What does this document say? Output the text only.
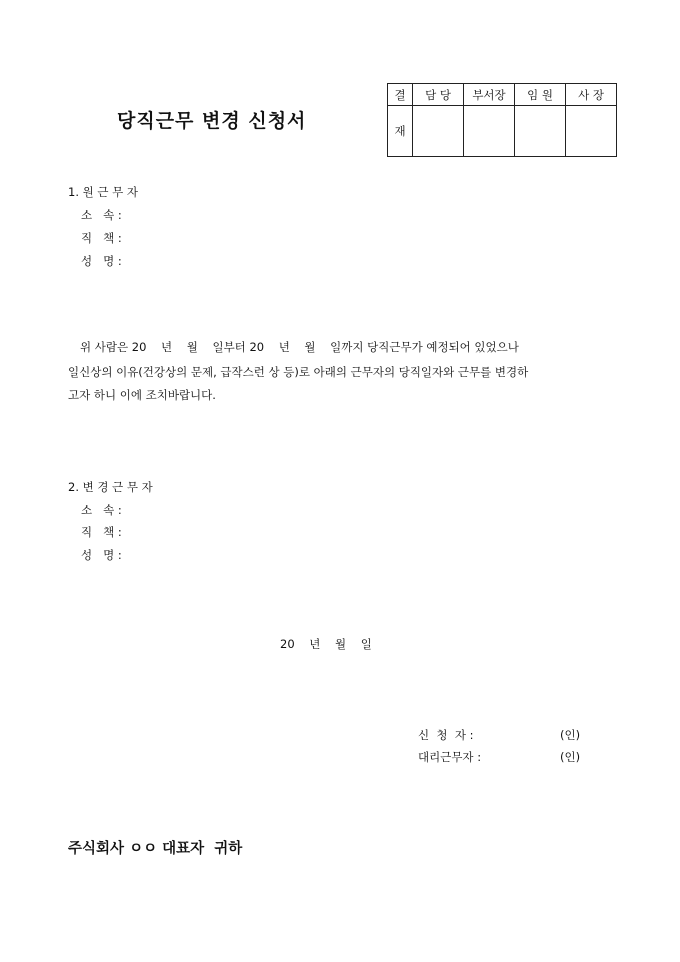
당직근무 변경 신청서
결	담 당	부서장	임 원	사 장
재				
1. 원 근 무 자
소   속 :
직   책 :
성   명 :
위 사람은 20    년    월    일부터 20    년    월    일까지 당직근무가 예정되어 있었으나
일신상의 이유(건강상의 문제, 급작스런 상 등)로 아래의 근무자의 당직일자와 근무를 변경하
고자 하니 이에 조치바랍니다.
2. 변 경 근 무 자
소   속 :
직   책 :
성   명 :
20    년    월    일
신  청  자 :	(인)
대리근무자 :	(인)
주식회사 ㅇㅇ 대표자  귀하
